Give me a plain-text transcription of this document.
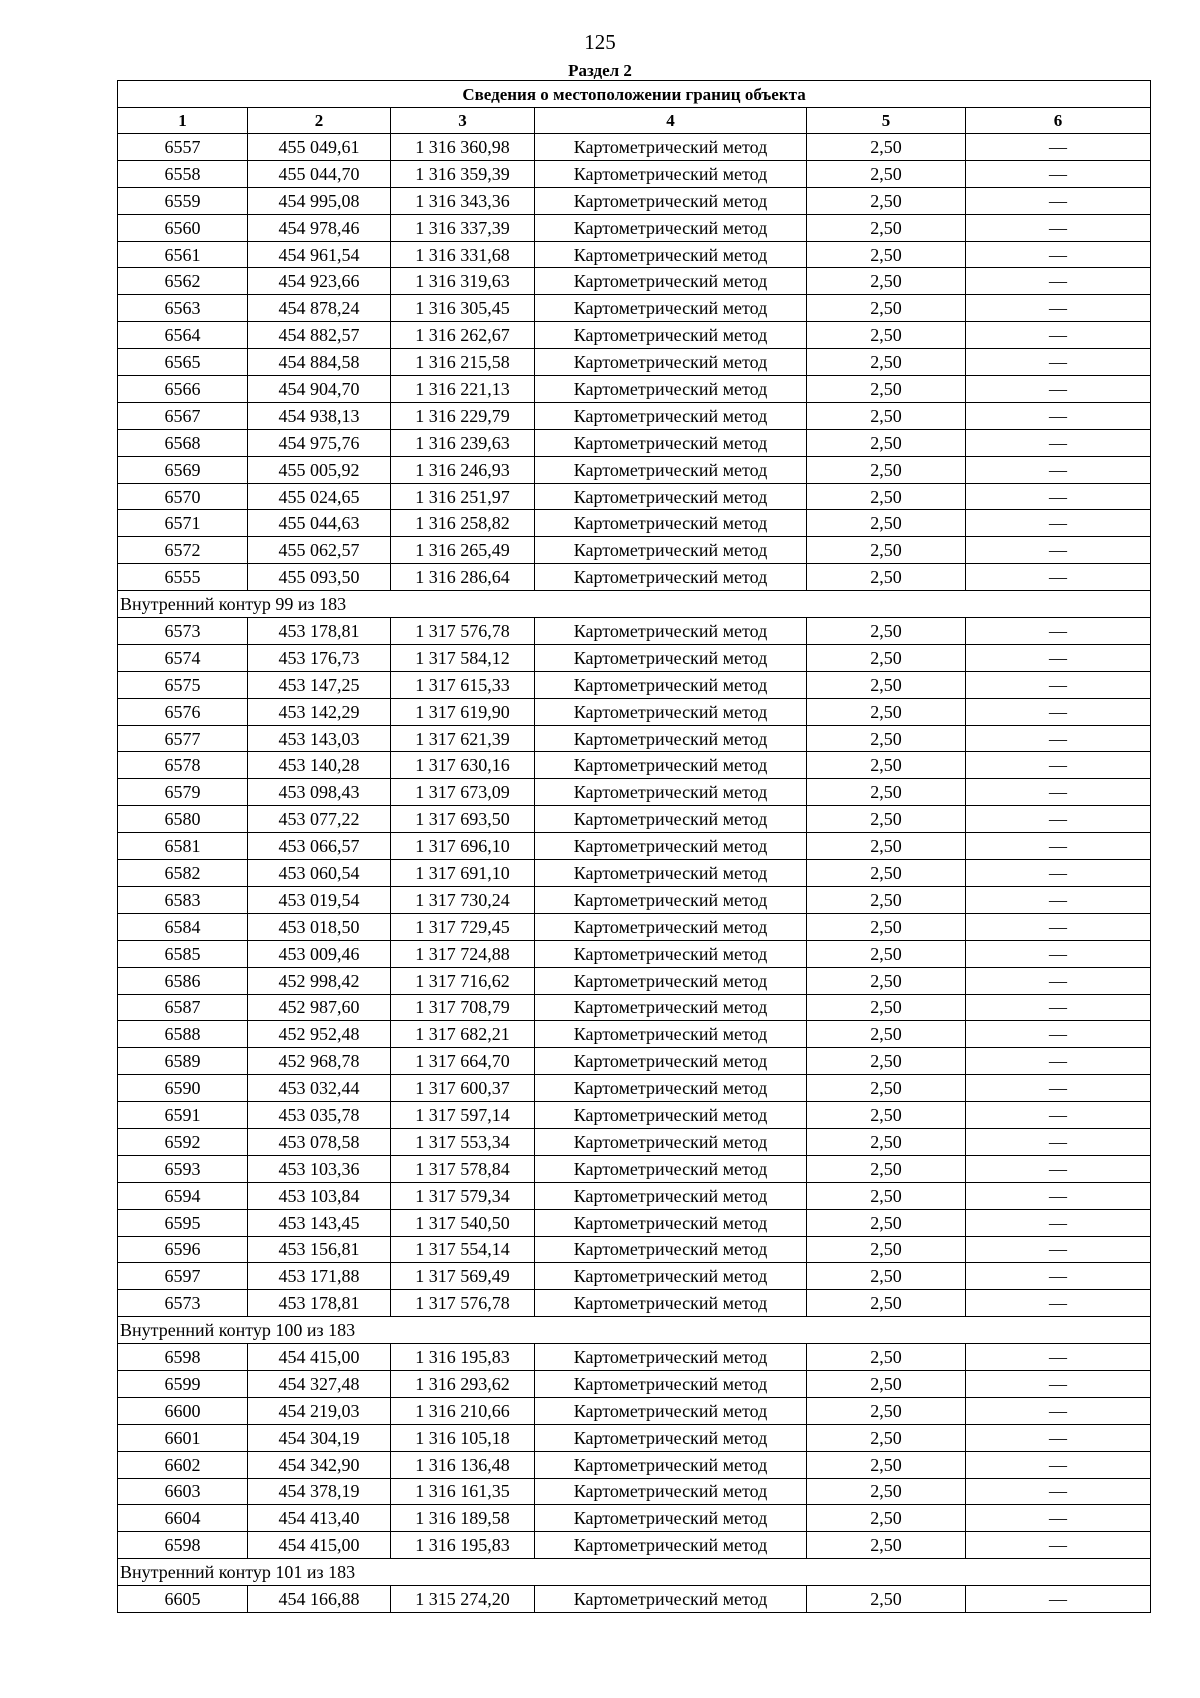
125
Раздел 2
Сведения о местоположении границ объекта					
1	2	3	4	5	6
6557	455 049,61	1 316 360,98	Картометрический метод	2,50	—
6558	455 044,70	1 316 359,39	Картометрический метод	2,50	—
6559	454 995,08	1 316 343,36	Картометрический метод	2,50	—
6560	454 978,46	1 316 337,39	Картометрический метод	2,50	—
6561	454 961,54	1 316 331,68	Картометрический метод	2,50	—
6562	454 923,66	1 316 319,63	Картометрический метод	2,50	—
6563	454 878,24	1 316 305,45	Картометрический метод	2,50	—
6564	454 882,57	1 316 262,67	Картометрический метод	2,50	—
6565	454 884,58	1 316 215,58	Картометрический метод	2,50	—
6566	454 904,70	1 316 221,13	Картометрический метод	2,50	—
6567	454 938,13	1 316 229,79	Картометрический метод	2,50	—
6568	454 975,76	1 316 239,63	Картометрический метод	2,50	—
6569	455 005,92	1 316 246,93	Картометрический метод	2,50	—
6570	455 024,65	1 316 251,97	Картометрический метод	2,50	—
6571	455 044,63	1 316 258,82	Картометрический метод	2,50	—
6572	455 062,57	1 316 265,49	Картометрический метод	2,50	—
6555	455 093,50	1 316 286,64	Картометрический метод	2,50	—
Внутренний контур 99 из 183					
6573	453 178,81	1 317 576,78	Картометрический метод	2,50	—
6574	453 176,73	1 317 584,12	Картометрический метод	2,50	—
6575	453 147,25	1 317 615,33	Картометрический метод	2,50	—
6576	453 142,29	1 317 619,90	Картометрический метод	2,50	—
6577	453 143,03	1 317 621,39	Картометрический метод	2,50	—
6578	453 140,28	1 317 630,16	Картометрический метод	2,50	—
6579	453 098,43	1 317 673,09	Картометрический метод	2,50	—
6580	453 077,22	1 317 693,50	Картометрический метод	2,50	—
6581	453 066,57	1 317 696,10	Картометрический метод	2,50	—
6582	453 060,54	1 317 691,10	Картометрический метод	2,50	—
6583	453 019,54	1 317 730,24	Картометрический метод	2,50	—
6584	453 018,50	1 317 729,45	Картометрический метод	2,50	—
6585	453 009,46	1 317 724,88	Картометрический метод	2,50	—
6586	452 998,42	1 317 716,62	Картометрический метод	2,50	—
6587	452 987,60	1 317 708,79	Картометрический метод	2,50	—
6588	452 952,48	1 317 682,21	Картометрический метод	2,50	—
6589	452 968,78	1 317 664,70	Картометрический метод	2,50	—
6590	453 032,44	1 317 600,37	Картометрический метод	2,50	—
6591	453 035,78	1 317 597,14	Картометрический метод	2,50	—
6592	453 078,58	1 317 553,34	Картометрический метод	2,50	—
6593	453 103,36	1 317 578,84	Картометрический метод	2,50	—
6594	453 103,84	1 317 579,34	Картометрический метод	2,50	—
6595	453 143,45	1 317 540,50	Картометрический метод	2,50	—
6596	453 156,81	1 317 554,14	Картометрический метод	2,50	—
6597	453 171,88	1 317 569,49	Картометрический метод	2,50	—
6573	453 178,81	1 317 576,78	Картометрический метод	2,50	—
Внутренний контур 100 из 183					
6598	454 415,00	1 316 195,83	Картометрический метод	2,50	—
6599	454 327,48	1 316 293,62	Картометрический метод	2,50	—
6600	454 219,03	1 316 210,66	Картометрический метод	2,50	—
6601	454 304,19	1 316 105,18	Картометрический метод	2,50	—
6602	454 342,90	1 316 136,48	Картометрический метод	2,50	—
6603	454 378,19	1 316 161,35	Картометрический метод	2,50	—
6604	454 413,40	1 316 189,58	Картометрический метод	2,50	—
6598	454 415,00	1 316 195,83	Картометрический метод	2,50	—
Внутренний контур 101 из 183					
6605	454 166,88	1 315 274,20	Картометрический метод	2,50	—
